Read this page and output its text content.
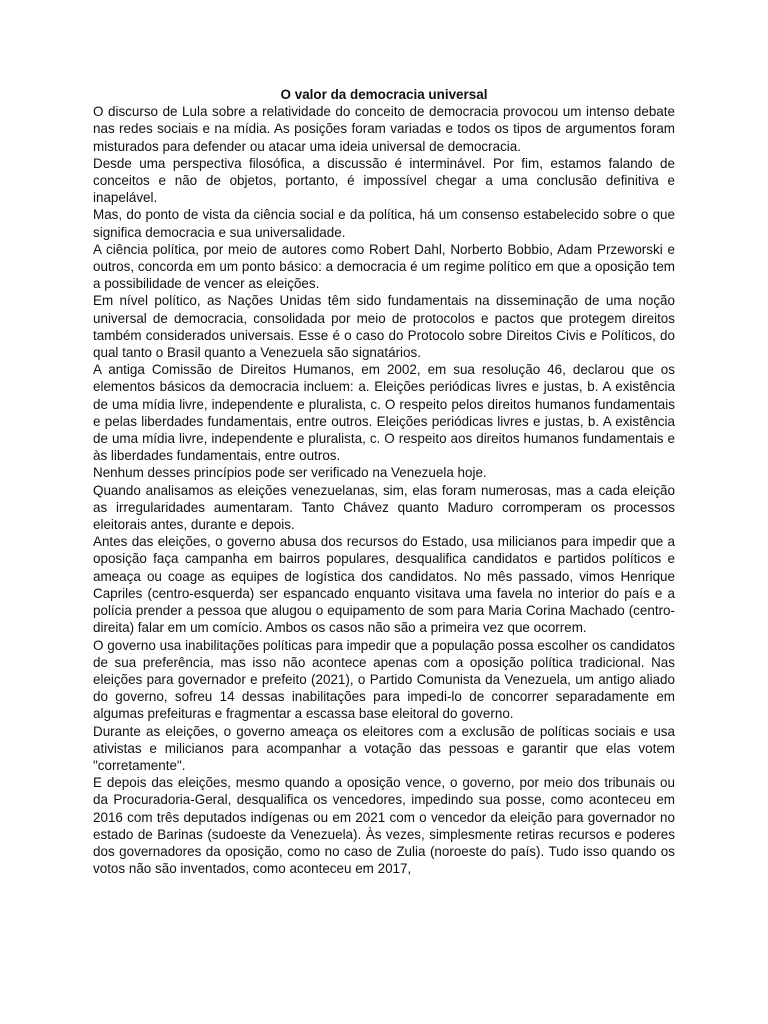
O valor da democracia universal

O discurso de Lula sobre a relatividade do conceito de democracia provocou um intenso debate nas redes sociais e na mídia. As posições foram variadas e todos os tipos de argumentos foram misturados para defender ou atacar uma ideia universal de democracia.

Desde uma perspectiva filosófica, a discussão é interminável. Por fim, estamos falando de conceitos e não de objetos, portanto, é impossível chegar a uma conclusão definitiva e inapelável.

Mas, do ponto de vista da ciência social e da política, há um consenso estabelecido sobre o que significa democracia e sua universalidade.

A ciência política, por meio de autores como Robert Dahl, Norberto Bobbio, Adam Przeworski e outros, concorda em um ponto básico: a democracia é um regime político em que a oposição tem a possibilidade de vencer as eleições.

Em nível político, as Nações Unidas têm sido fundamentais na disseminação de uma noção universal de democracia, consolidada por meio de protocolos e pactos que protegem direitos também considerados universais. Esse é o caso do Protocolo sobre Direitos Civis e Políticos, do qual tanto o Brasil quanto a Venezuela são signatários.

A antiga Comissão de Direitos Humanos, em 2002, em sua resolução 46, declarou que os elementos básicos da democracia incluem: a. Eleições periódicas livres e justas, b. A existência de uma mídia livre, independente e pluralista, c. O respeito pelos direitos humanos fundamentais e pelas liberdades fundamentais, entre outros. Eleições periódicas livres e justas, b. A existência de uma mídia livre, independente e pluralista, c. O respeito aos direitos humanos fundamentais e às liberdades fundamentais, entre outros.

Nenhum desses princípios pode ser verificado na Venezuela hoje.

Quando analisamos as eleições venezuelanas, sim, elas foram numerosas, mas a cada eleição as irregularidades aumentaram. Tanto Chávez quanto Maduro corromperam os processos eleitorais antes, durante e depois.

Antes das eleições, o governo abusa dos recursos do Estado, usa milicianos para impedir que a oposição faça campanha em bairros populares, desqualifica candidatos e partidos políticos e ameaça ou coage as equipes de logística dos candidatos. No mês passado, vimos Henrique Capriles (centro-esquerda) ser espancado enquanto visitava uma favela no interior do país e a polícia prender a pessoa que alugou o equipamento de som para Maria Corina Machado (centro-direita) falar em um comício. Ambos os casos não são a primeira vez que ocorrem.

O governo usa inabilitações políticas para impedir que a população possa escolher os candidatos de sua preferência, mas isso não acontece apenas com a oposição política tradicional. Nas eleições para governador e prefeito (2021), o Partido Comunista da Venezuela, um antigo aliado do governo, sofreu 14 dessas inabilitações para impedi-lo de concorrer separadamente em algumas prefeituras e fragmentar a escassa base eleitoral do governo.

Durante as eleições, o governo ameaça os eleitores com a exclusão de políticas sociais e usa ativistas e milicianos para acompanhar a votação das pessoas e garantir que elas votem "corretamente".

E depois das eleições, mesmo quando a oposição vence, o governo, por meio dos tribunais ou da Procuradoria-Geral, desqualifica os vencedores, impedindo sua posse, como aconteceu em 2016 com três deputados indígenas ou em 2021 com o vencedor da eleição para governador no estado de Barinas (sudoeste da Venezuela). Às vezes, simplesmente retiras recursos e poderes dos governadores da oposição, como no caso de Zulia (noroeste do país). Tudo isso quando os votos não são inventados, como aconteceu em 2017,
